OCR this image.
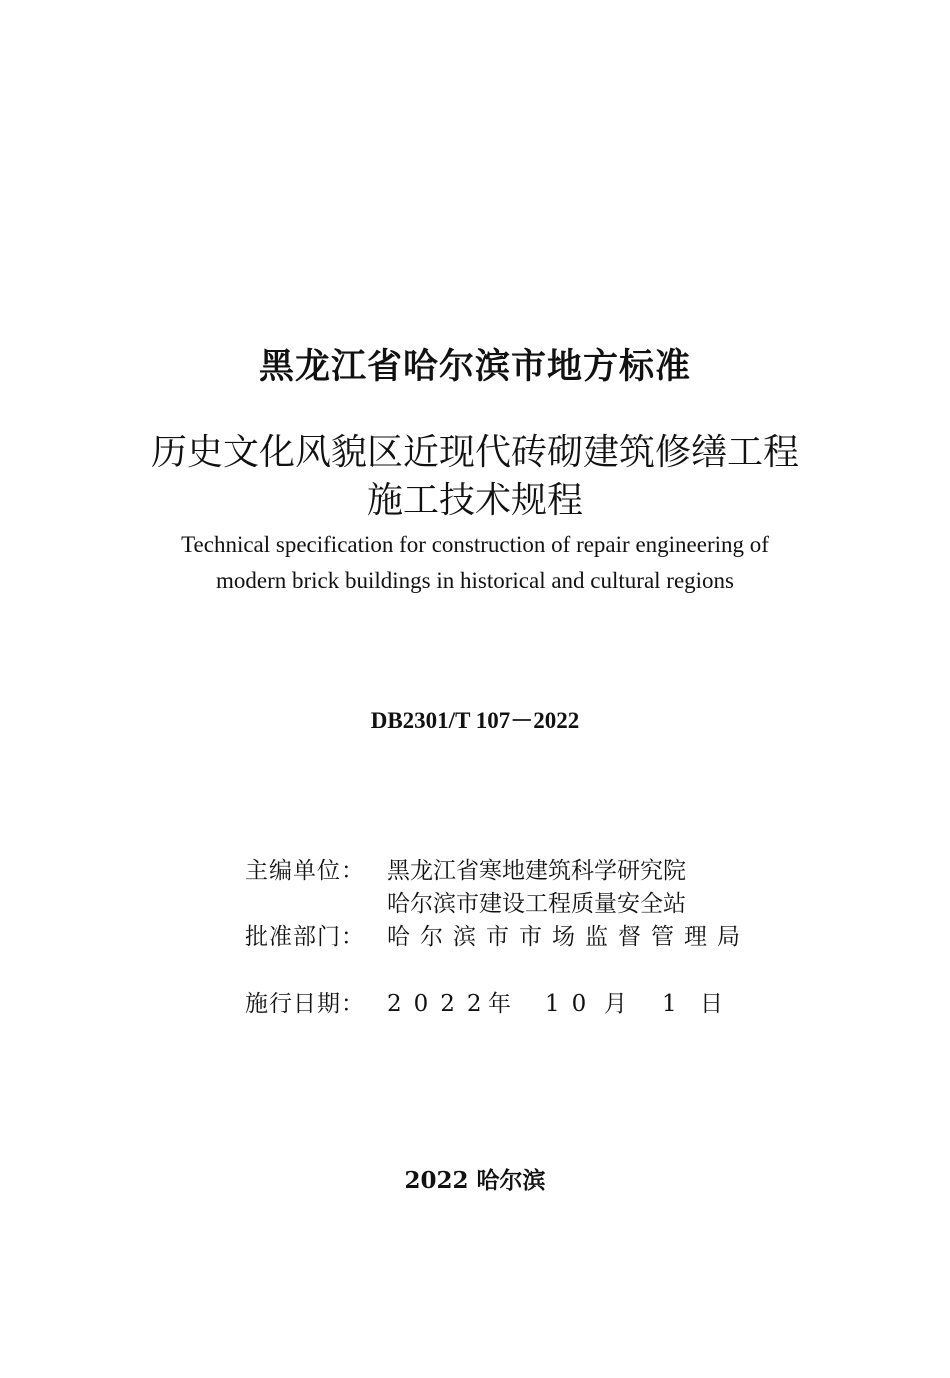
黑龙江省哈尔滨市地方标准
历史文化风貌区近现代砖砌建筑修缮工程
施工技术规程
Technical specification for construction of repair engineering of
modern brick buildings in historical and cultural regions
DB2301/T 107－2022
主编单位： 黑龙江省寒地建筑科学研究院
哈尔滨市建设工程质量安全站
批准部门： 哈尔滨市市场监督管理局
施行日期： 2022
年 10 月 1 日
2022 哈尔滨
